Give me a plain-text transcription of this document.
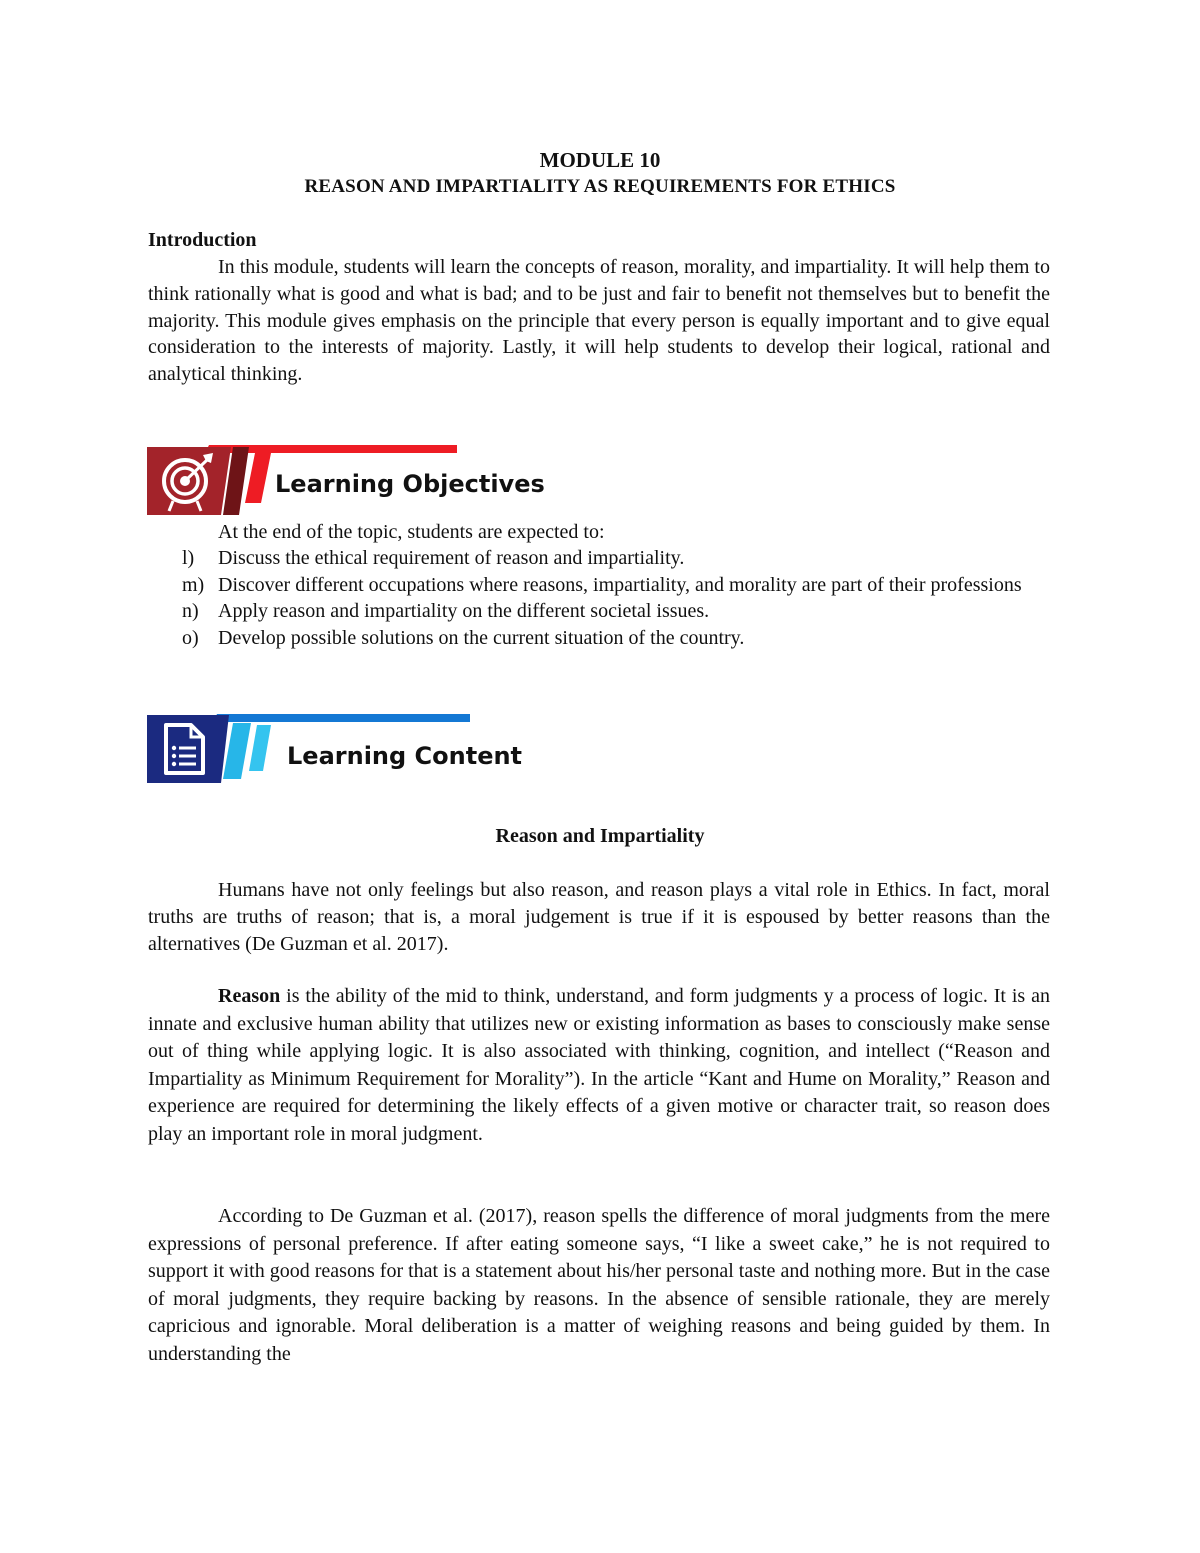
MODULE 10
REASON AND IMPARTIALITY AS REQUIREMENTS FOR ETHICS
Introduction

In this module, students will learn the concepts of reason, morality, and impartiality. It will help them to think rationally what is good and what is bad; and to be just and fair to benefit not themselves but to benefit the majority. This module gives emphasis on the principle that every person is equally important and to give equal consideration to the interests of majority. Lastly, it will help students to develop their logical, rational and analytical thinking.

Learning Objectives
At the end of the topic, students are expected to:
l) Discuss the ethical requirement of reason and impartiality.
m) Discover different occupations where reasons, impartiality, and morality are part of their professions
n) Apply reason and impartiality on the different societal issues.
o) Develop possible solutions on the current situation of the country.
Learning Content
Reason and Impartiality

Humans have not only feelings but also reason, and reason plays a vital role in Ethics. In fact, moral truths are truths of reason; that is, a moral judgement is true if it is espoused by better reasons than the alternatives (De Guzman et al. 2017).

Reason is the ability of the mid to think, understand, and form judgments y a process of logic. It is an innate and exclusive human ability that utilizes new or existing information as bases to consciously make sense out of thing while applying logic. It is also associated with thinking, cognition, and intellect (“Reason and Impartiality as Minimum Requirement for Morality”). In the article “Kant and Hume on Morality,” Reason and experience are required for determining the likely effects of a given motive or character trait, so reason does play an important role in moral judgment.

According to De Guzman et al. (2017), reason spells the difference of moral judgments from the mere expressions of personal preference. If after eating someone says, “I like a sweet cake,” he is not required to support it with good reasons for that is a statement about his/her personal taste and nothing more. But in the case of moral judgments, they require backing by reasons. In the absence of sensible rationale, they are merely capricious and ignorable. Moral deliberation is a matter of weighing reasons and being guided by them. In understanding the
